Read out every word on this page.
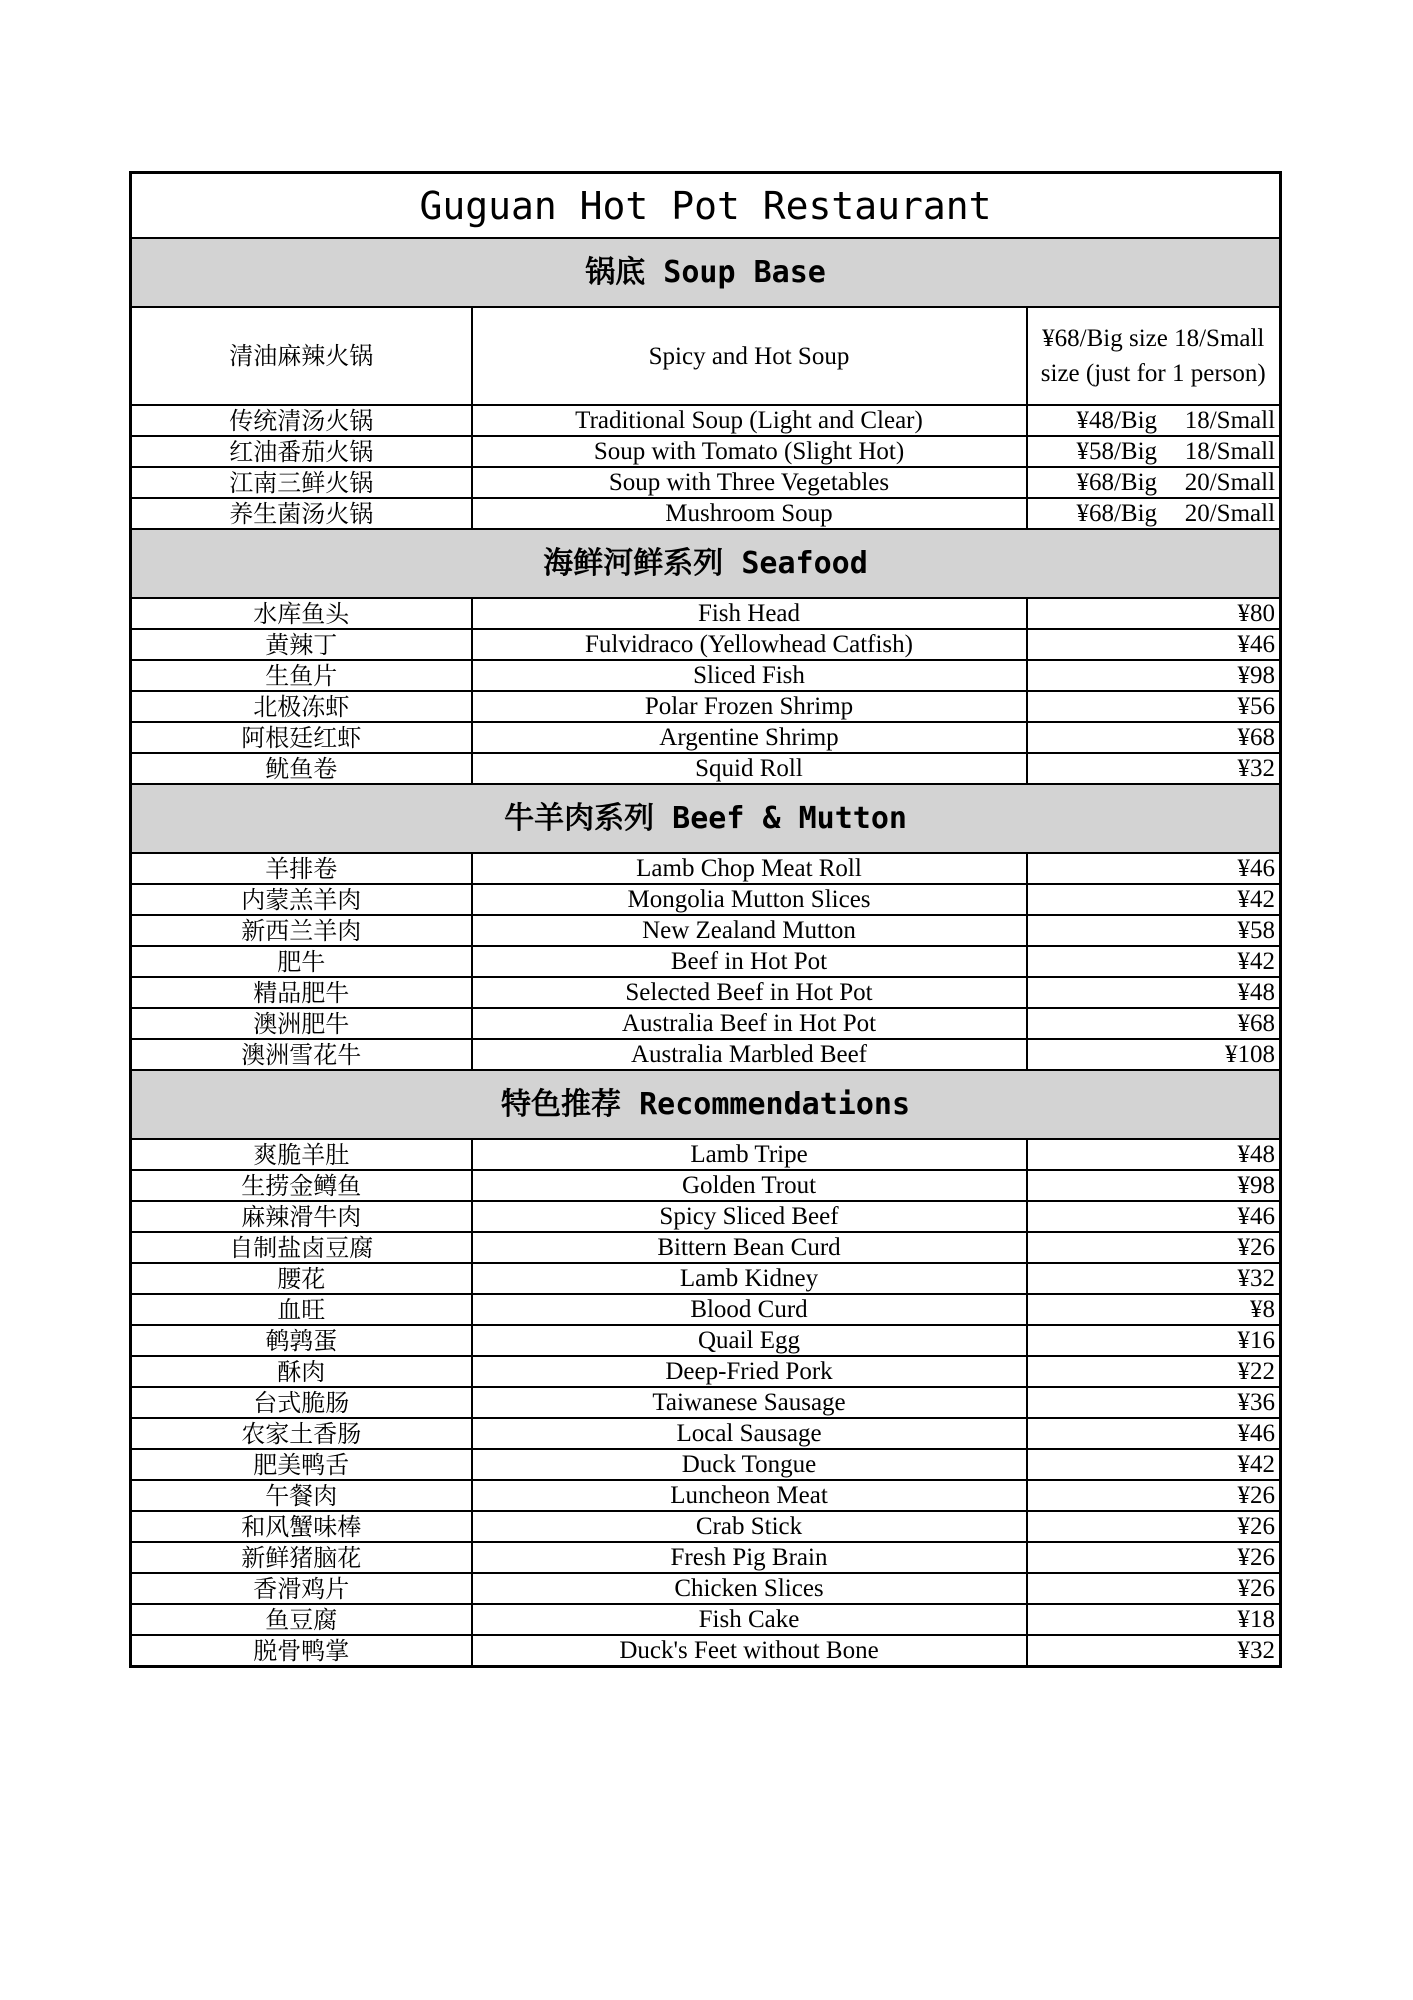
Guguan Hot Pot Restaurant		
锅底 Soup Base		
清油麻辣火锅	Spicy and Hot Soup	¥68/Big size 18/Small size (just for 1 person)
传统清汤火锅	Traditional Soup (Light and Clear)	¥48/Big 18/Small
红油番茄火锅	Soup with Tomato (Slight Hot)	¥58/Big 18/Small
江南三鲜火锅	Soup with Three Vegetables	¥68/Big 20/Small
养生菌汤火锅	Mushroom Soup	¥68/Big 20/Small
海鲜河鲜系列 Seafood		
水库鱼头	Fish Head	¥80
黄辣丁	Fulvidraco (Yellowhead Catfish)	¥46
生鱼片	Sliced Fish	¥98
北极冻虾	Polar Frozen Shrimp	¥56
阿根廷红虾	Argentine Shrimp	¥68
鱿鱼卷	Squid Roll	¥32
牛羊肉系列 Beef & Mutton		
羊排卷	Lamb Chop Meat Roll	¥46
内蒙羔羊肉	Mongolia Mutton Slices	¥42
新西兰羊肉	New Zealand Mutton	¥58
肥牛	Beef in Hot Pot	¥42
精品肥牛	Selected Beef in Hot Pot	¥48
澳洲肥牛	Australia Beef in Hot Pot	¥68
澳洲雪花牛	Australia Marbled Beef	¥108
特色推荐 Recommendations		
爽脆羊肚	Lamb Tripe	¥48
生捞金鳟鱼	Golden Trout	¥98
麻辣滑牛肉	Spicy Sliced Beef	¥46
自制盐卤豆腐	Bittern Bean Curd	¥26
腰花	Lamb Kidney	¥32
血旺	Blood Curd	¥8
鹌鹑蛋	Quail Egg	¥16
酥肉	Deep-Fried Pork	¥22
台式脆肠	Taiwanese Sausage	¥36
农家土香肠	Local Sausage	¥46
肥美鸭舌	Duck Tongue	¥42
午餐肉	Luncheon Meat	¥26
和风蟹味棒	Crab Stick	¥26
新鲜猪脑花	Fresh Pig Brain	¥26
香滑鸡片	Chicken Slices	¥26
鱼豆腐	Fish Cake	¥18
脱骨鸭掌	Duck's Feet without Bone	¥32
